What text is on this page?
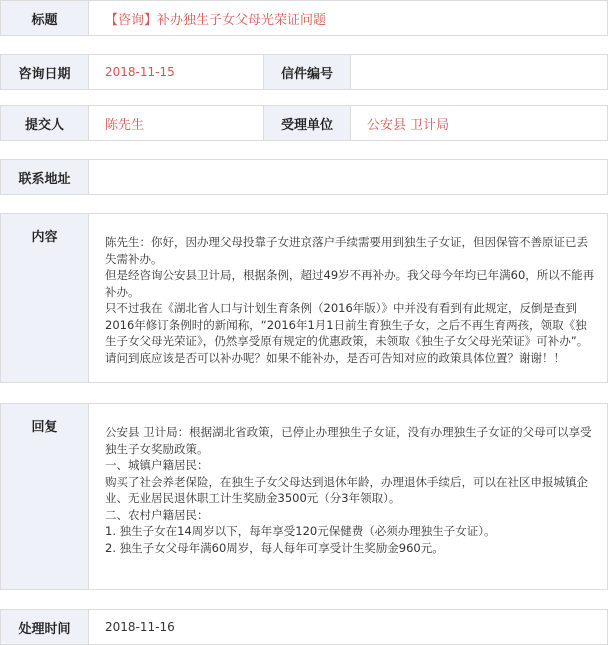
标题	【咨询】补办独生子女父母光荣证问题
咨询日期	2018-11-15	信件编号
提交人	陈先生	受理单位	公安县 卫计局
联系地址
内容	陈先生：你好，因办理父母投靠子女进京落户手续需要用到独生子女证，但因保管不善原证已丢失需补办。

但是经咨询公安县卫计局，根据条例，超过49岁不再补办。我父母今年均已年满60，所以不能再补办。

只不过我在《湖北省人口与计划生育条例（2016年版）》中并没有看到有此规定，反倒是查到2016年修订条例时的新闻称，“2016年1月1日前生育独生子女，之后不再生育两孩，领取《独生子女父母光荣证》，仍然享受原有规定的优惠政策，未领取《独生子女父母光荣证》可补办”。

请问到底应该是否可以补办呢？如果不能补办，是否可告知对应的政策具体位置？谢谢！！

回复	公安县 卫计局：根据湖北省政策，已停止办理独生子女证，没有办理独生子女证的父母可以享受独生子女奖励政策。

一、城镇户籍居民：

购买了社会养老保险，在独生子女父母达到退休年龄，办理退休手续后，可以在社区申报城镇企业、无业居民退休职工计生奖励金3500元（分3年领取）。

二、农村户籍居民：

1. 独生子女在14周岁以下，每年享受120元保健费（必须办理独生子女证）。

2. 独生子女父母年满60周岁，每人每年可享受计生奖励金960元。

处理时间	2018-11-16
